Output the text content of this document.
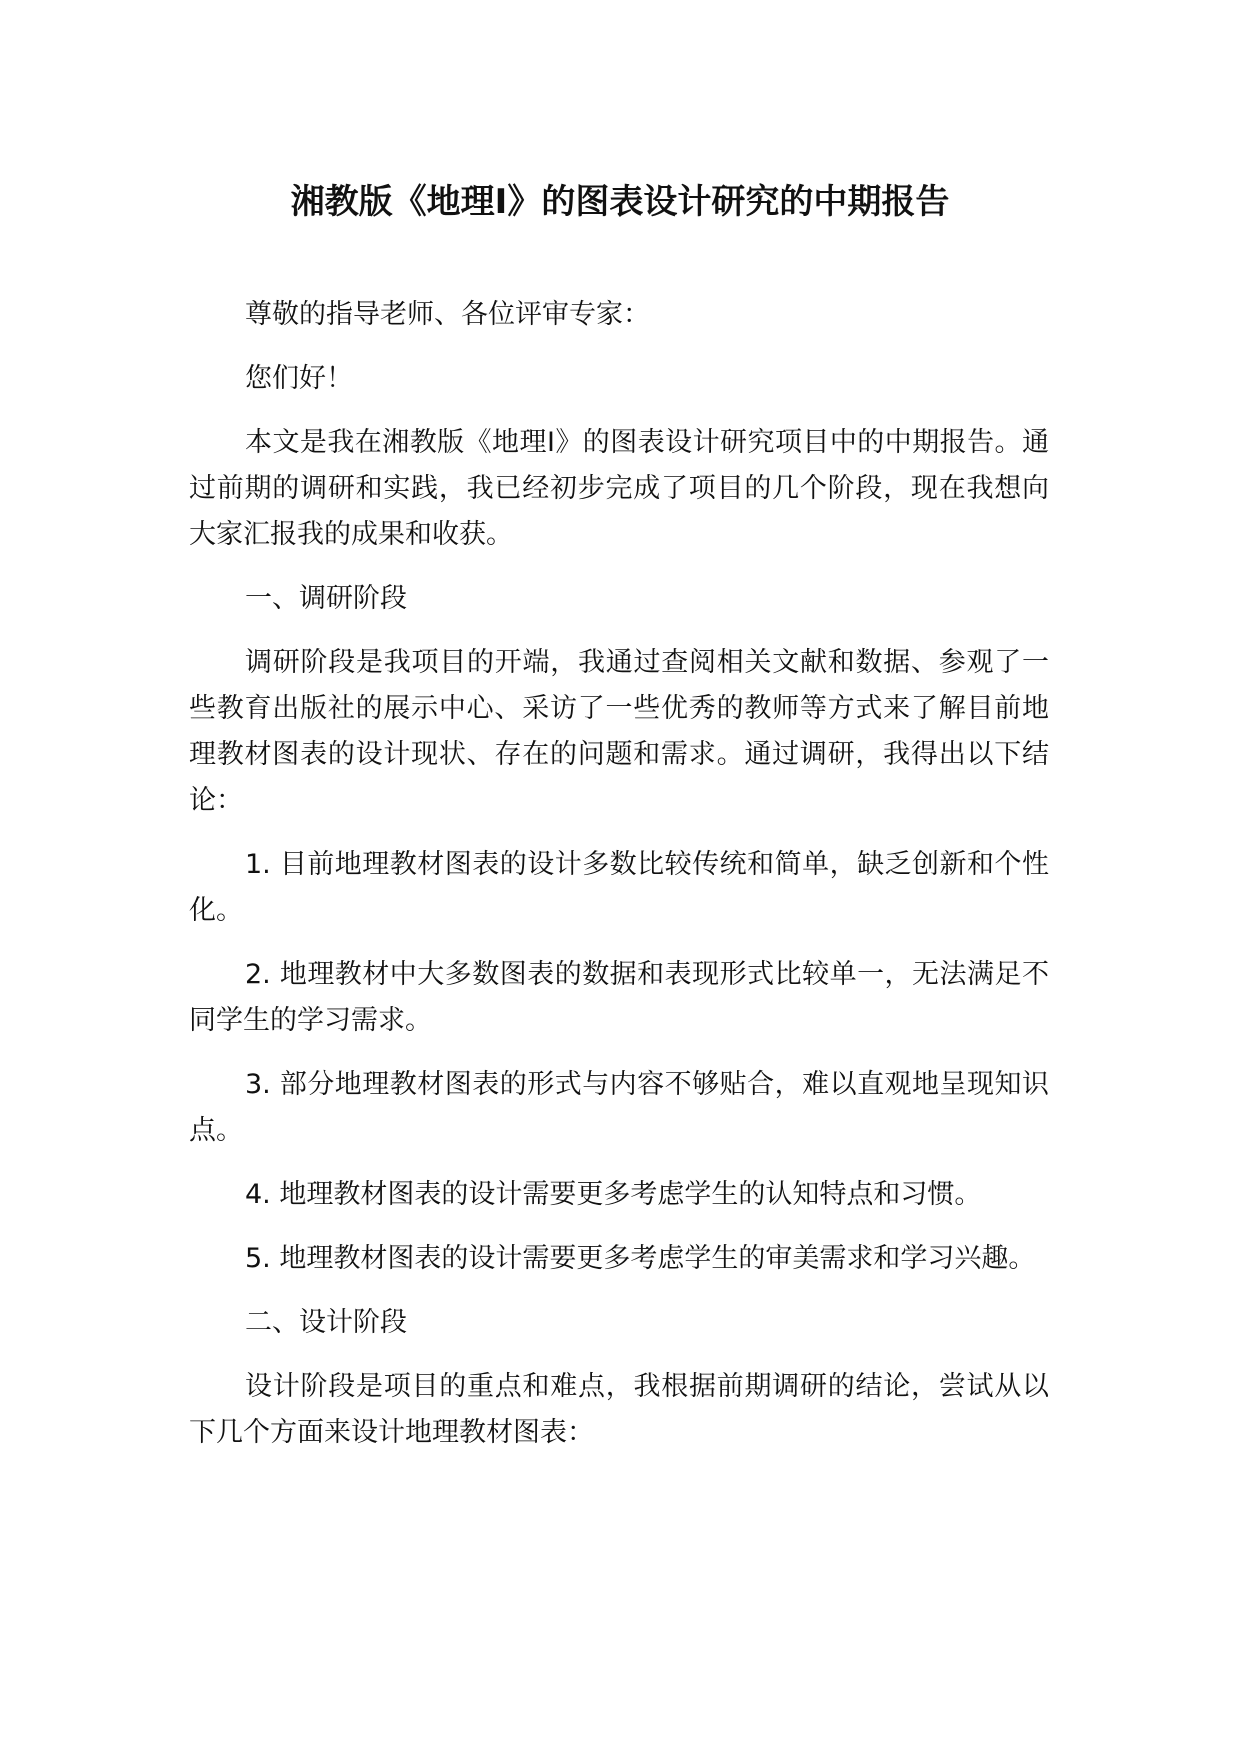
湘教版《地理Ⅰ》的图表设计研究的中期报告

尊敬的指导老师、各位评审专家：

您们好！

本文是我在湘教版《地理Ⅰ》的图表设计研究项目中的中期报告。通过前期的调研和实践，我已经初步完成了项目的几个阶段，现在我想向大家汇报我的成果和收获。

一、调研阶段

调研阶段是我项目的开端，我通过查阅相关文献和数据、参观了一些教育出版社的展示中心、采访了一些优秀的教师等方式来了解目前地理教材图表的设计现状、存在的问题和需求。通过调研，我得出以下结论：

1. 目前地理教材图表的设计多数比较传统和简单，缺乏创新和个性化。

2. 地理教材中大多数图表的数据和表现形式比较单一，无法满足不同学生的学习需求。

3. 部分地理教材图表的形式与内容不够贴合，难以直观地呈现知识点。

4. 地理教材图表的设计需要更多考虑学生的认知特点和习惯。

5. 地理教材图表的设计需要更多考虑学生的审美需求和学习兴趣。

二、设计阶段

设计阶段是项目的重点和难点，我根据前期调研的结论，尝试从以下几个方面来设计地理教材图表：
